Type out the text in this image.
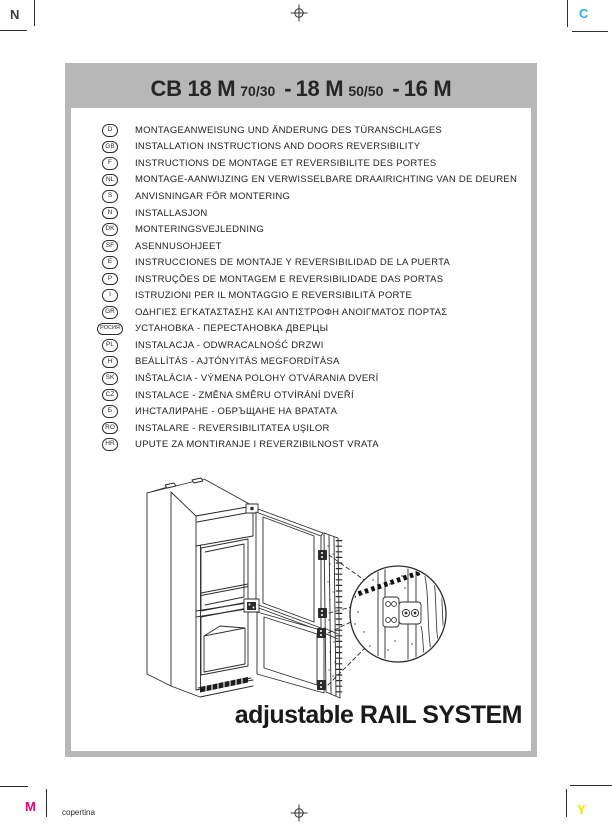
N	C
M	Y
CB 18 M 70/30 - 18 M 50/50 - 16 M
D	MONTAGEANWEISUNG UND ÄNDERUNG DES TÜRANSCHLAGES
GB	INSTALLATION INSTRUCTIONS AND DOORS REVERSIBILITY
F	INSTRUCTIONS DE MONTAGE ET REVERSIBILITE DES PORTES
NL	MONTAGE-AANWIJZING EN VERWISSELBARE DRAAIRICHTING VAN DE DEUREN
S	ANVISNINGAR FÖR MONTERING
N	INSTALLASJON
DK	MONTERINGSVEJLEDNING
SF	ASENNUSOHJEET
E	INSTRUCCIONES DE MONTAJE Y REVERSIBILIDAD DE LA PUERTA
P	INSTRUÇÕES DE MONTAGEM E REVERSIBILIDADE DAS PORTAS
I	ISTRUZIONI PER IL MONTAGGIO E REVERSIBILITÀ PORTE
GR	ΟΔΗΓΙΕΣ ΕΓΚΑΤΑΣΤΑΣΗΣ ΚΑΙ ΑΝΤΙΣΤΡΟΦΗ ΑΝΟΙΓΜΑΤΟΣ ΠΟΡΤΑΣ
РОСИЯ	УСТАНОВКА - ПЕРЕСТАНОВКА ДВЕРЦЫ
PL	INSTALACJA - ODWRACALNOŚĆ DRZWI
H	BEÁLLÍTÁS - AJTÓNYITÁS MEGFORDÍTÁSA
SK	INŠTALÁCIA - VÝMENA POLOHY OTVÁRANIA DVERÍ
CZ	INSTALACE - ZMĚNA SMĚRU OTVÍRÁNÍ DVEŘÍ
Б	ИНСТАЛИРАНЕ - ОБРЪЩАНЕ НА ВРАТАТА
RO	INSTALARE - REVERSIBILITATEA UŞILOR
HR	UPUTE ZA MONTIRANJE I REVERZIBILNOST VRATA
adjustable RAIL SYSTEM
copertina
